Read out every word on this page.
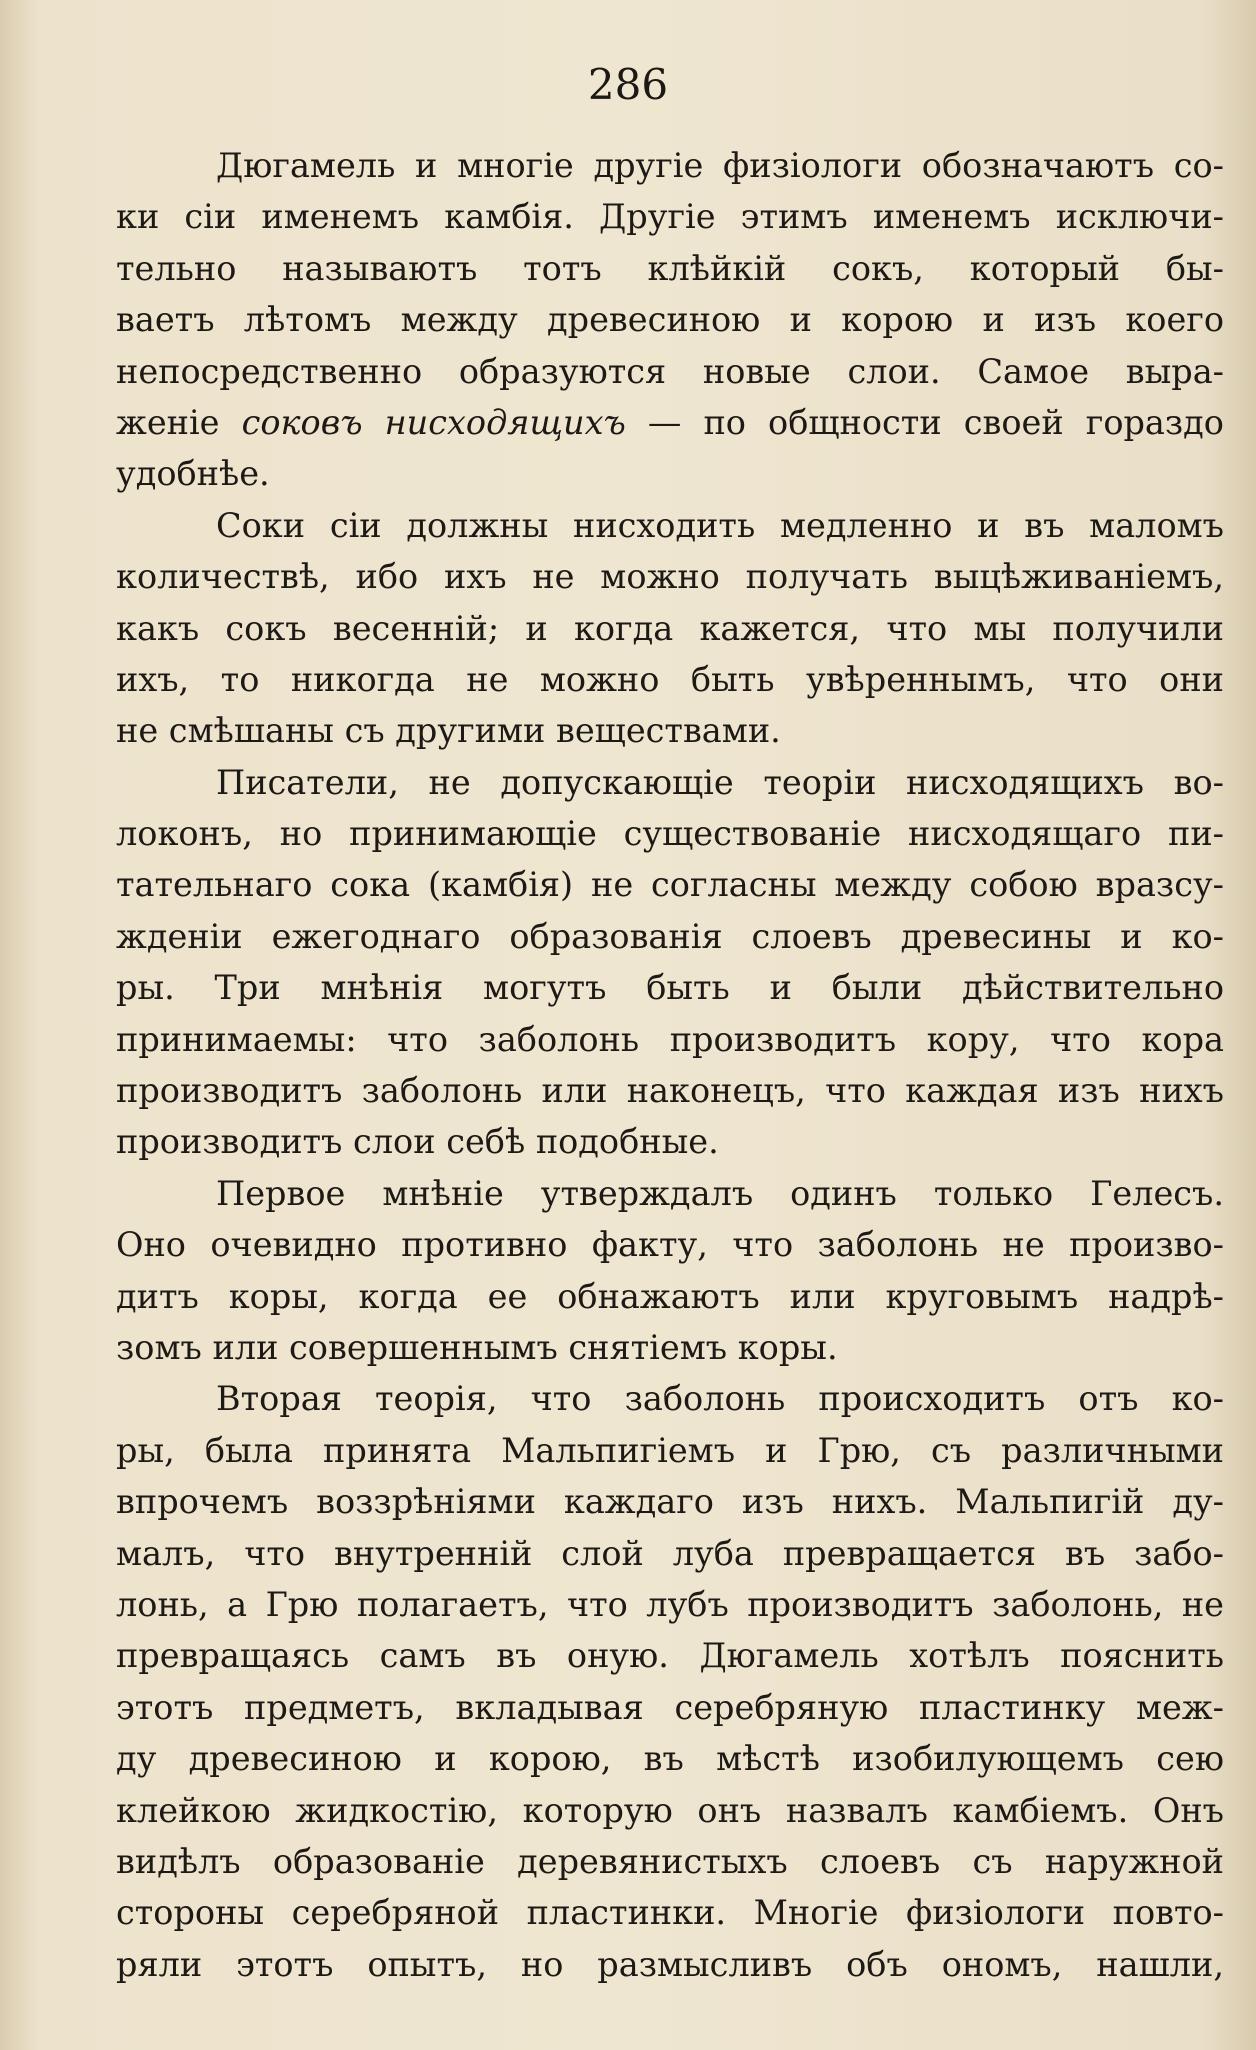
286
Дюгамель и многіе другіе физіологи обозначаютъ со-
ки сіи именемъ камбія. Другіе этимъ именемъ исключи-
тельно называютъ тотъ клѣйкій сокъ, который бы-
ваетъ лѣтомъ между древесиною и корою и изъ коего
непосредственно образуются новые слои. Самое выра-
женіе соковъ нисходящихъ — по общности своей гораздо
удобнѣе.
Соки сіи должны нисходить медленно и въ маломъ
количествѣ, ибо ихъ не можно получать выцѣживаніемъ,
какъ сокъ весенній; и когда кажется, что мы получили
ихъ, то никогда не можно быть увѣреннымъ, что они
не смѣшаны съ другими веществами.
Писатели, не допускающіе теоріи нисходящихъ во-
локонъ, но принимающіе существованіе нисходящаго пи-
тательнаго сока (камбія) не согласны между собою вразсу-
жденіи ежегоднаго образованія слоевъ древесины и ко-
ры. Три мнѣнія могутъ быть и были дѣйствительно
принимаемы: что заболонь производитъ кору, что кора
производитъ заболонь или наконецъ, что каждая изъ нихъ
производитъ слои себѣ подобные.
Первое мнѣніе утверждалъ одинъ только Гелесъ.
Оно очевидно противно факту, что заболонь не произво-
дитъ коры, когда ее обнажаютъ или круговымъ надрѣ-
зомъ или совершеннымъ снятіемъ коры.
Вторая теорія, что заболонь происходитъ отъ ко-
ры, была принята Мальпигіемъ и Грю, съ различными
впрочемъ воззрѣніями каждаго изъ нихъ. Мальпигій ду-
малъ, что внутренній слой луба превращается въ забо-
лонь, а Грю полагаетъ, что лубъ производитъ заболонь, не
превращаясь самъ въ оную. Дюгамель хотѣлъ пояснить
этотъ предметъ, вкладывая серебряную пластинку меж-
ду древесиною и корою, въ мѣстѣ изобилующемъ сею
клейкою жидкостію, которую онъ назвалъ камбіемъ. Онъ
видѣлъ образованіе деревянистыхъ слоевъ съ наружной
стороны серебряной пластинки. Многіе физіологи повто-
ряли этотъ опытъ, но размысливъ объ ономъ, нашли,
